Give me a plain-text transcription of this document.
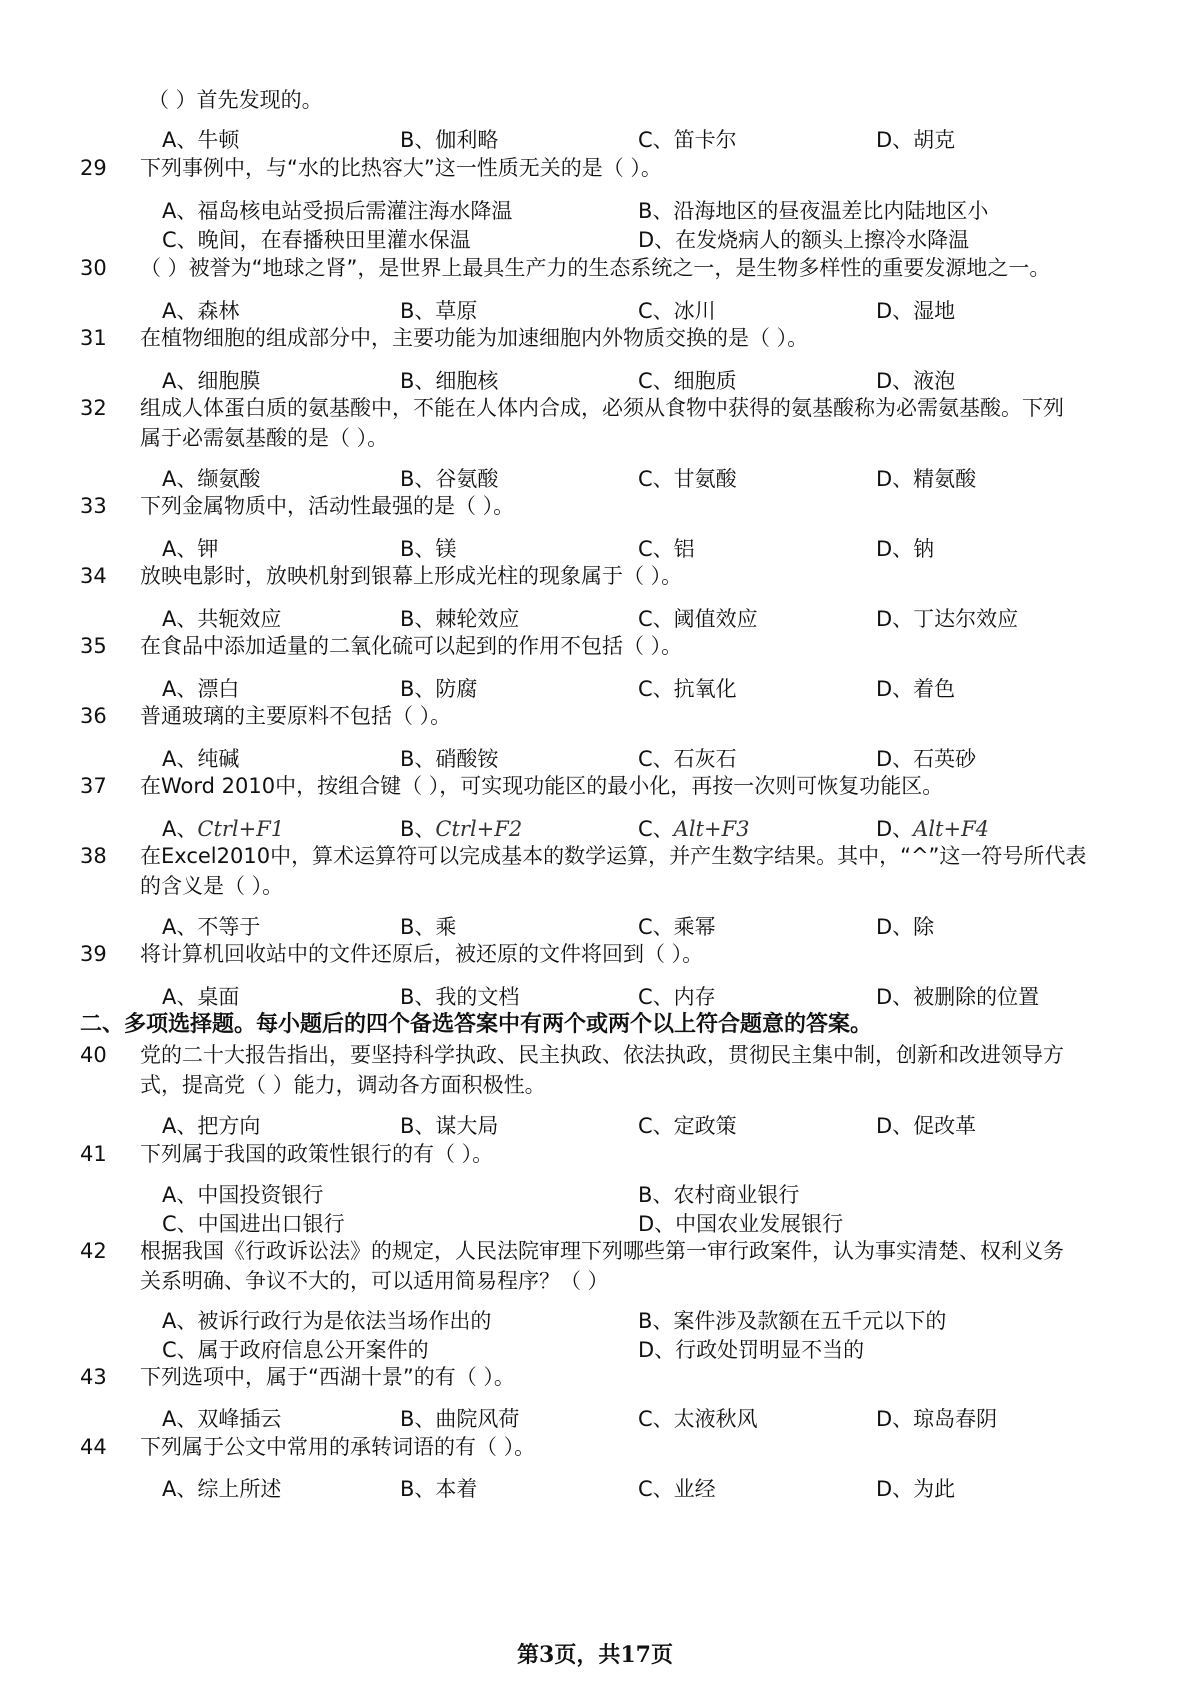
（ ）首先发现的。
A、牛顿	B、伽利略	C、笛卡尔	D、胡克
29	下列事例中，与“水的比热容大”这一性质无关的是（ ）。
A、福岛核电站受损后需灌注海水降温	B、沿海地区的昼夜温差比内陆地区小
C、晚间，在春播秧田里灌水保温	D、在发烧病人的额头上擦冷水降温
30	（ ）被誉为“地球之肾”，是世界上最具生产力的生态系统之一，是生物多样性的重要发源地之一。
A、森林	B、草原	C、冰川	D、湿地
31	在植物细胞的组成部分中，主要功能为加速细胞内外物质交换的是（ ）。
A、细胞膜	B、细胞核	C、细胞质	D、液泡
32	组成人体蛋白质的氨基酸中，不能在人体内合成，必须从食物中获得的氨基酸称为必需氨基酸。下列
属于必需氨基酸的是（ ）。
A、缬氨酸	B、谷氨酸	C、甘氨酸	D、精氨酸
33	下列金属物质中，活动性最强的是（ ）。
A、钾	B、镁	C、铝	D、钠
34	放映电影时，放映机射到银幕上形成光柱的现象属于（ ）。
A、共轭效应	B、棘轮效应	C、阈值效应	D、丁达尔效应
35	在食品中添加适量的二氧化硫可以起到的作用不包括（ ）。
A、漂白	B、防腐	C、抗氧化	D、着色
36	普通玻璃的主要原料不包括（ ）。
A、纯碱	B、硝酸铵	C、石灰石	D、石英砂
37	在Word 2010中，按组合键（ ），可实现功能区的最小化，再按一次则可恢复功能区。
A、Ctrl+F1	B、Ctrl+F2	C、Alt+F3	D、Alt+F4
38	在Excel2010中，算术运算符可以完成基本的数学运算，并产生数字结果。其中，“^”这一符号所代表
的含义是（ ）。
A、不等于	B、乘	C、乘幂	D、除
39	将计算机回收站中的文件还原后，被还原的文件将回到（ ）。
A、桌面	B、我的文档	C、内存	D、被删除的位置
二、多项选择题。每小题后的四个备选答案中有两个或两个以上符合题意的答案。
40	党的二十大报告指出，要坚持科学执政、民主执政、依法执政，贯彻民主集中制，创新和改进领导方
式，提高党（ ）能力，调动各方面积极性。
A、把方向	B、谋大局	C、定政策	D、促改革
41	下列属于我国的政策性银行的有（ ）。
A、中国投资银行	B、农村商业银行
C、中国进出口银行	D、中国农业发展银行
42	根据我国《行政诉讼法》的规定，人民法院审理下列哪些第一审行政案件，认为事实清楚、权利义务
关系明确、争议不大的，可以适用简易程序？（ ）
A、被诉行政行为是依法当场作出的	B、案件涉及款额在五千元以下的
C、属于政府信息公开案件的	D、行政处罚明显不当的
43	下列选项中，属于“西湖十景”的有（ ）。
A、双峰插云	B、曲院风荷	C、太液秋风	D、琼岛春阴
44	下列属于公文中常用的承转词语的有（ ）。
A、综上所述	B、本着	C、业经	D、为此
第3页，共17页
